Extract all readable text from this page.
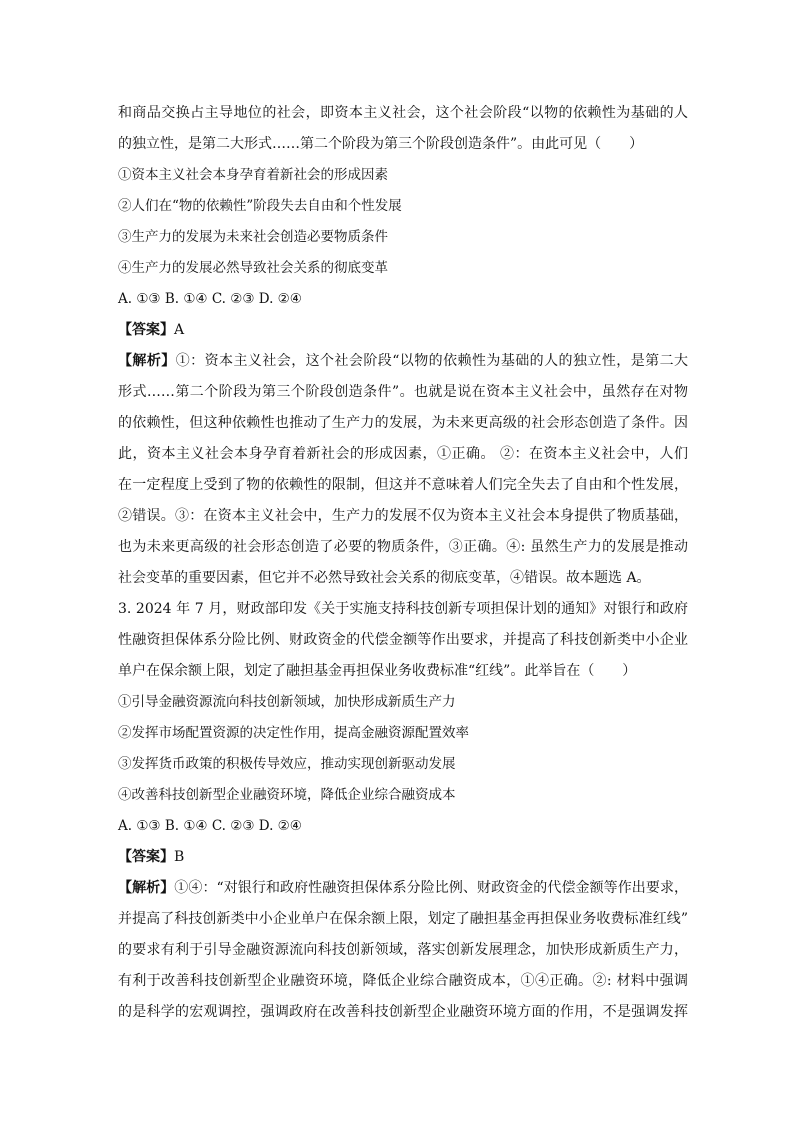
和商品交换占主导地位的社会，即资本主义社会，这个社会阶段“以物的依赖性为基础的人
的独立性，是第二大形式……第二个阶段为第三个阶段创造条件”。由此可见（　　）
①资本主义社会本身孕育着新社会的形成因素
②人们在“物的依赖性”阶段失去自由和个性发展
③生产力的发展为未来社会创造必要物质条件
④生产力的发展必然导致社会关系的彻底变革
A. ①③ B. ①④ C. ②③ D. ②④
【答案】A
【解析】①：资本主义社会，这个社会阶段“以物的依赖性为基础的人的独立性，是第二大
形式……第二个阶段为第三个阶段创造条件”。也就是说在资本主义社会中，虽然存在对物
的依赖性，但这种依赖性也推动了生产力的发展，为未来更高级的社会形态创造了条件。因
此，资本主义社会本身孕育着新社会的形成因素，①正确。 ②：在资本主义社会中，人们
在一定程度上受到了物的依赖性的限制，但这并不意味着人们完全失去了自由和个性发展，
②错误。③：在资本主义社会中，生产力的发展不仅为资本主义社会本身提供了物质基础，
也为未来更高级的社会形态创造了必要的物质条件，③正确。④: 虽然生产力的发展是推动
社会变革的重要因素，但它并不必然导致社会关系的彻底变革，④错误。故本题选 A。
3. 2024 年 7 月，财政部印发《关于实施支持科技创新专项担保计划的通知》对银行和政府
性融资担保体系分险比例、财政资金的代偿金额等作出要求，并提高了科技创新类中小企业
单户在保余额上限，划定了融担基金再担保业务收费标准“红线”。此举旨在（　　）
①引导金融资源流向科技创新领域，加快形成新质生产力
②发挥市场配置资源的决定性作用，提高金融资源配置效率
③发挥货币政策的积极传导效应，推动实现创新驱动发展
④改善科技创新型企业融资环境，降低企业综合融资成本
A. ①③ B. ①④ C. ②③ D. ②④
【答案】B
【解析】①④：“对银行和政府性融资担保体系分险比例、财政资金的代偿金额等作出要求，
并提高了科技创新类中小企业单户在保余额上限，划定了融担基金再担保业务收费标准红线”
的要求有利于引导金融资源流向科技创新领域，落实创新发展理念，加快形成新质生产力，
有利于改善科技创新型企业融资环境，降低企业综合融资成本，①④正确。②: 材料中强调
的是科学的宏观调控，强调政府在改善科技创新型企业融资环境方面的作用，不是强调发挥
